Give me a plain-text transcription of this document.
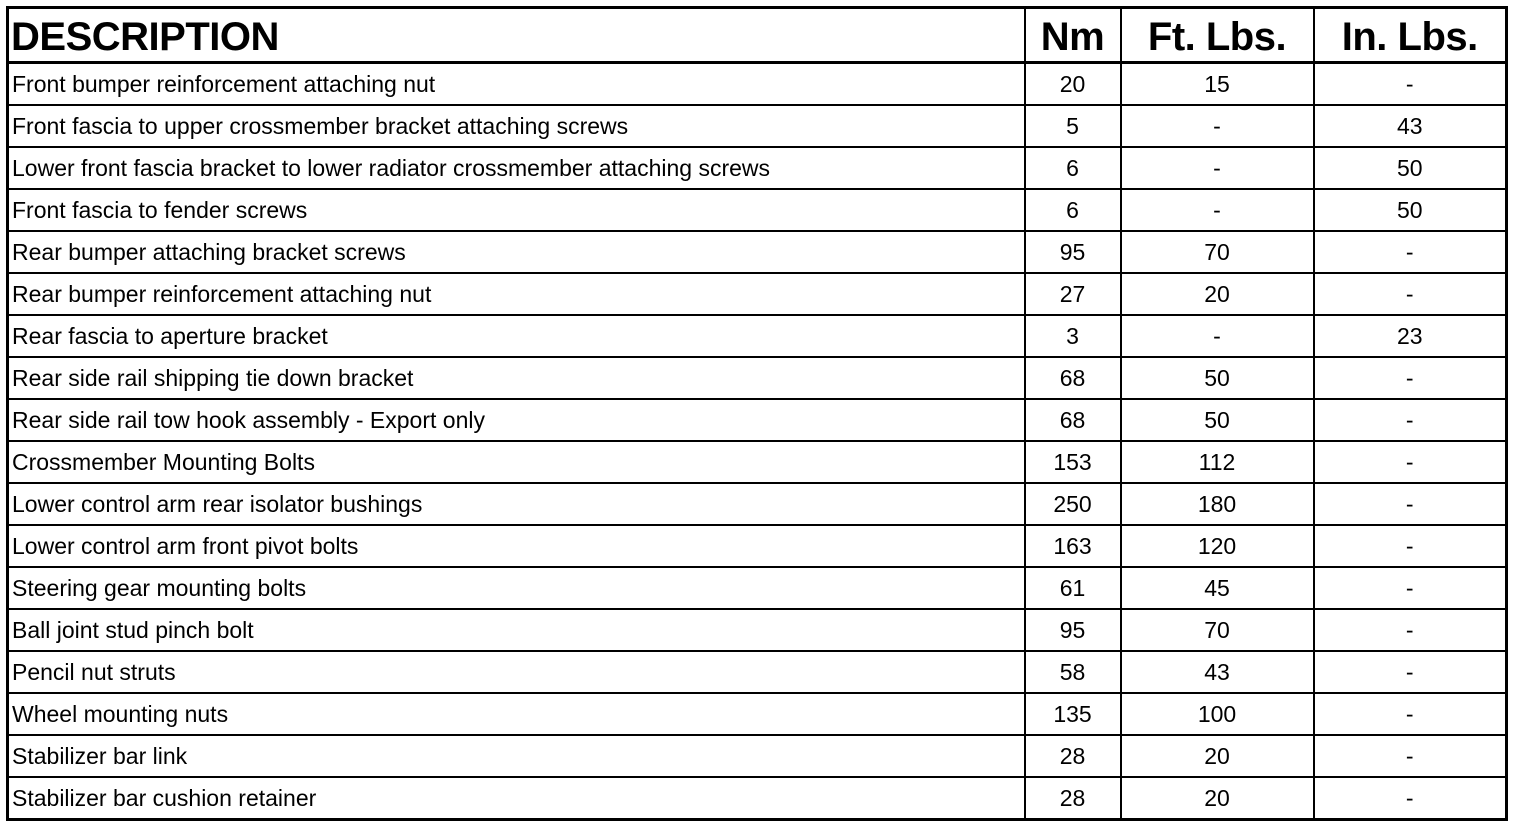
DESCRIPTION	Nm	Ft. Lbs.	In. Lbs.
Front bumper reinforcement attaching nut	20	15	-
Front fascia to upper crossmember bracket attaching screws	5	-	43
Lower front fascia bracket to lower radiator crossmember attaching screws	6	-	50
Front fascia to fender screws	6	-	50
Rear bumper attaching bracket screws	95	70	-
Rear bumper reinforcement attaching nut	27	20	-
Rear fascia to aperture bracket	3	-	23
Rear side rail shipping tie down bracket	68	50	-
Rear side rail tow hook assembly - Export only	68	50	-
Crossmember Mounting Bolts	153	112	-
Lower control arm rear isolator bushings	250	180	-
Lower control arm front pivot bolts	163	120	-
Steering gear mounting bolts	61	45	-
Ball joint stud pinch bolt	95	70	-
Pencil nut struts	58	43	-
Wheel mounting nuts	135	100	-
Stabilizer bar link	28	20	-
Stabilizer bar cushion retainer	28	20	-
